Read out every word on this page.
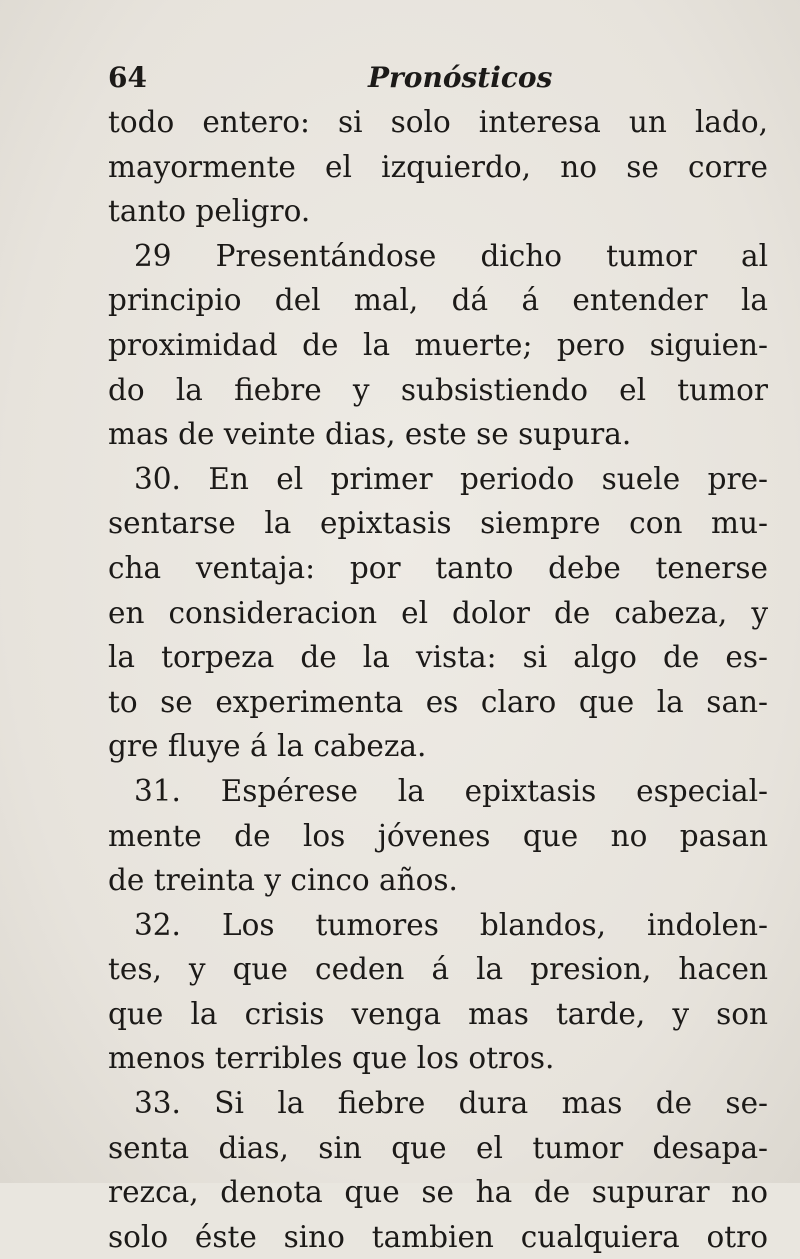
64	Pronósticos
todo entero: si solo interesa un lado,
mayormente el izquierdo, no se corre
tanto peligro.
29 Presentándose dicho tumor al
principio del mal, dá á entender la
proximidad de la muerte; pero siguien-
do la fiebre y subsistiendo el tumor
mas de veinte dias, este se supura.
30. En el primer periodo suele pre-
sentarse la epixtasis siempre con mu-
cha ventaja: por tanto debe tenerse
en consideracion el dolor de cabeza, y
la torpeza de la vista: si algo de es-
to se experimenta es claro que la san-
gre fluye á la cabeza.
31. Espérese la epixtasis especial-
mente de los jóvenes que no pasan
de treinta y cinco años.
32. Los tumores blandos, indolen-
tes, y que ceden á la presion, hacen
que la crisis venga mas tarde, y son
menos terribles que los otros.
33. Si la fiebre dura mas de se-
senta dias, sin que el tumor desapa-
rezca, denota que se ha de supurar no
solo éste sino tambien cualquiera otro
